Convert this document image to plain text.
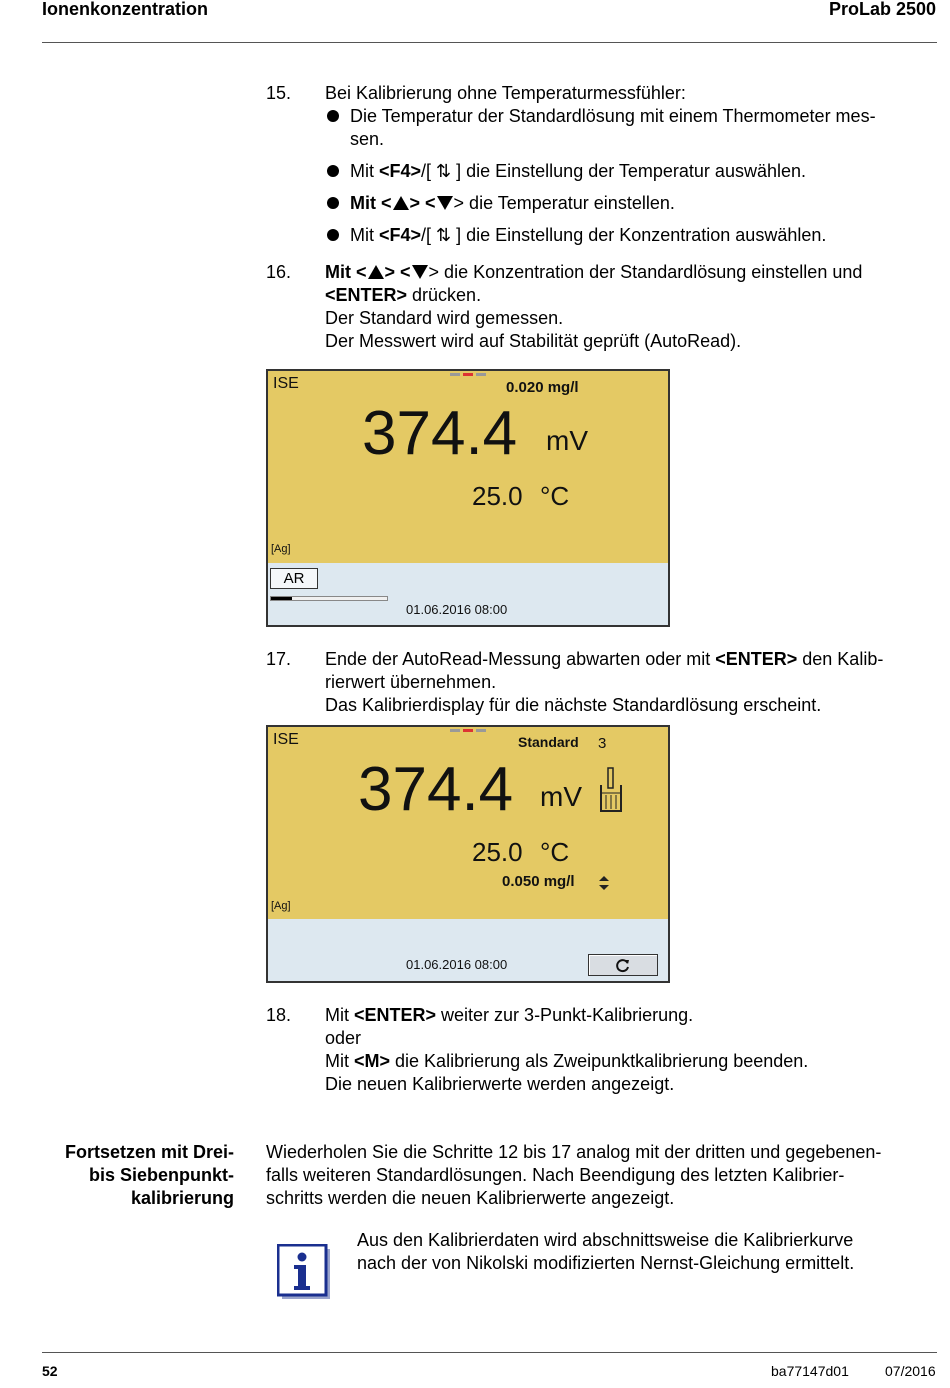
Ionenkonzentration	ProLab 2500
15. Bei Kalibrierung ohne Temperaturmessfühler:
Die Temperatur der Standardlösung mit einem Thermometer mes-
sen.
Mit <F4>/[ ⇅ ] die Einstellung der Temperatur auswählen.
Mit < > < > die Temperatur einstellen.
Mit <F4>/[ ⇅ ] die Einstellung der Konzentration auswählen.
16. Mit < > < > die Konzentration der Standardlösung einstellen und
<ENTER> drücken.
Der Standard wird gemessen.
Der Messwert wird auf Stabilität geprüft (AutoRead).
ISE	0.020 mg/l
374.4 mV
25.0 °C
[Ag]
AR
01.06.2016 08:00
17. Ende der AutoRead-Messung abwarten oder mit <ENTER> den Kalib-
rierwert übernehmen.
Das Kalibrierdisplay für die nächste Standardlösung erscheint.
ISE	Standard 3
374.4 mV
25.0 °C
0.050 mg/l
[Ag]
01.06.2016 08:00
18. Mit <ENTER> weiter zur 3-Punkt-Kalibrierung.
oder
Mit <M> die Kalibrierung als Zweipunktkalibrierung beenden.
Die neuen Kalibrierwerte werden angezeigt.
Fortsetzen mit Drei-
bis Siebenpunkt-
kalibrierung
Wiederholen Sie die Schritte 12 bis 17 analog mit der dritten und gegebenen-
falls weiteren Standardlösungen. Nach Beendigung des letzten Kalibrier-
schritts werden die neuen Kalibrierwerte angezeigt.
Aus den Kalibrierdaten wird abschnittsweise die Kalibrierkurve
nach der von Nikolski modifizierten Nernst-Gleichung ermittelt.
52	ba77147d01	07/2016
